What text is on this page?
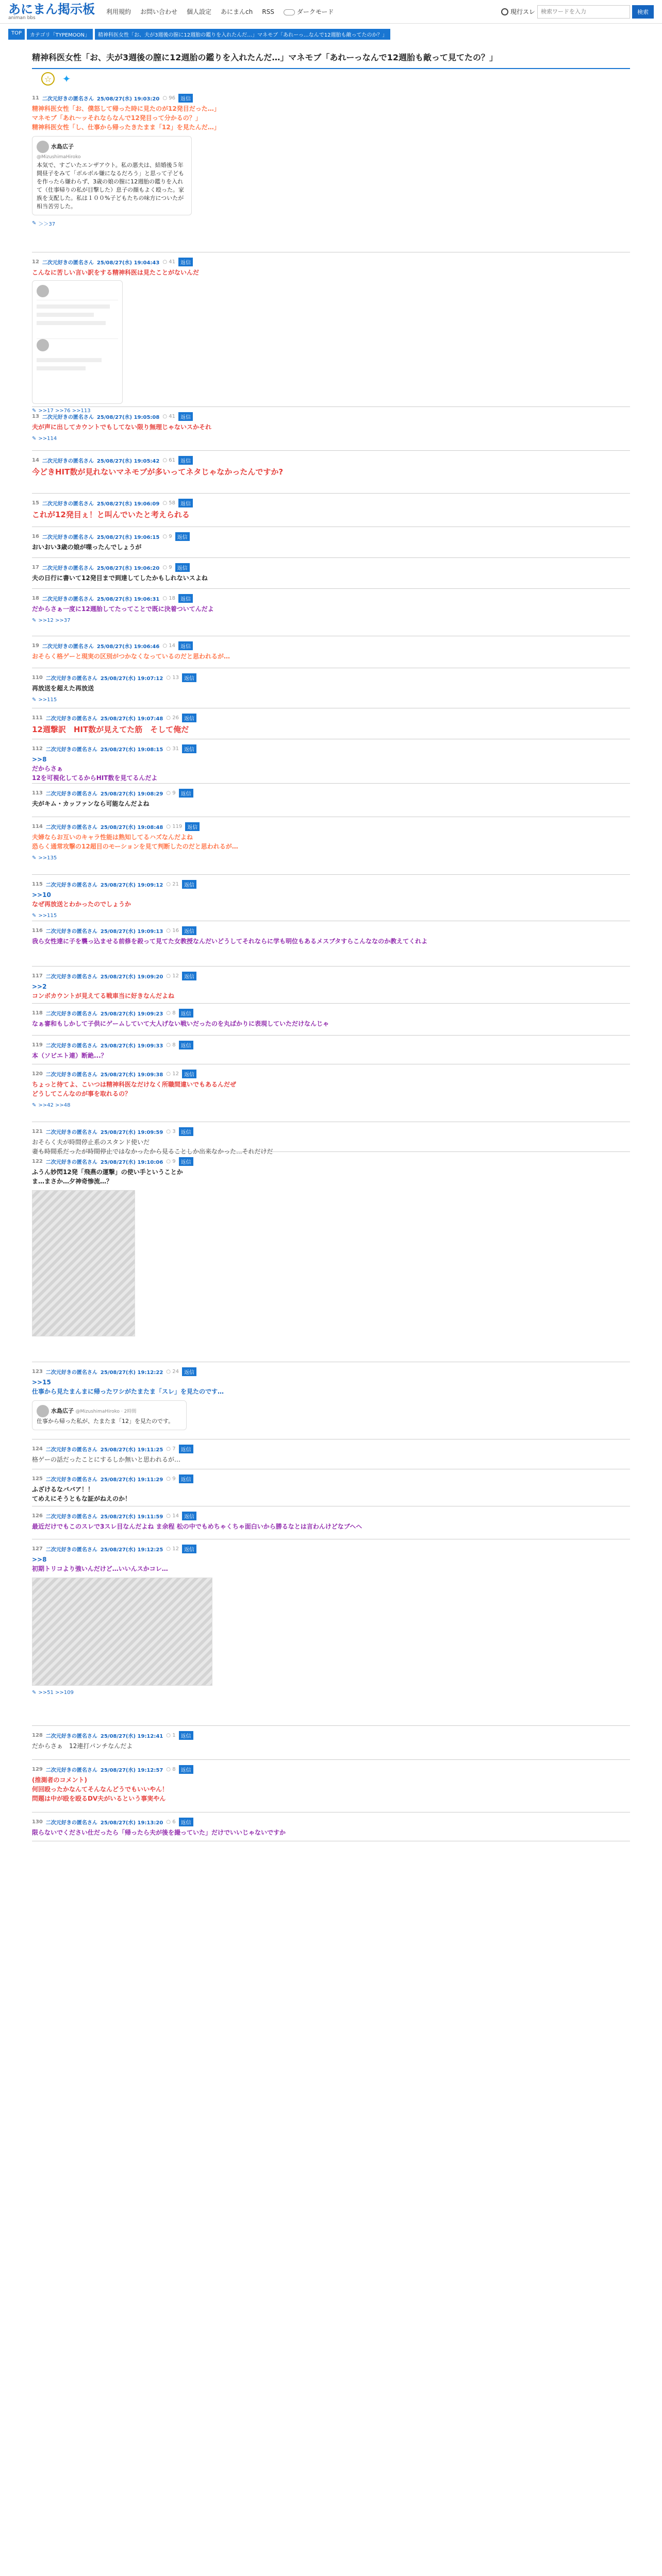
あにまん掲示板
animan bbs
利用規約 お問い合わせ 個人設定 あにまんch RSS	ダークモード	現行スレ
検索ワードを入力	検索
TOP	カテゴリ「TYPEMOON」	精神科医女性「お、夫が3週後の膣に12週胎の鑑りを入れたんだ…」マネモブ「あれーっ…なんで12週胎も敵ってたのか？」
精神科医女性「お、夫が3週後の膣に12週胎の鑑りを入れたんだ…」マネモブ「あれーっなんで12週胎も敵って見てたの？」
☆ ✦
11 二次元好きの匿名さん 25/08/27(水) 19:03:20 ○ 96	返信
精神科医女性「お、僕怒して帰った時に見たのが12発目だった…」
マネモブ「あれ〜ッそれならなんで12発目って分かるの？」
精神科医女性「し、仕事から帰ったきたまま「12」を見たんだ…」
水島広子
@MizushimaHiroko
本気で、すごいたエンザアウト。私の悪夫は、結婚後５年間昼子をみて「ボルボル嫌になるだろう」と思って子どもを作ったら嫌わらず、3歳の娘の膣に12週胎の鑑りを入れて（仕事帰りの私が目撃した）息子の顔もよく殴った。家族を支配した。私は１００%子どもたちの味方についたが相当苦労した。
✎ ＞＞37
12 二次元好きの匿名さん 25/08/27(水) 19:04:43 ○ 41	返信
こんなに苦しい言い訳をする精神科医は見たことがないんだ
✎ >>17 >>76 >>113
13 二次元好きの匿名さん 25/08/27(水) 19:05:08 ○ 41	返信
夫が声に出してカウントでもしてない限り無理じゃないスかそれ
✎ >>114
14 二次元好きの匿名さん 25/08/27(水) 19:05:42 ○ 61	返信
今どきHIT数が見れないマネモブが多いってネタじゃなかったんですか?
15 二次元好きの匿名さん 25/08/27(水) 19:06:09 ○ 58	返信
これが12発目ぇ！と叫んでいたと考えられる
16 二次元好きの匿名さん 25/08/27(水) 19:06:15 ○ 9	返信
おいおい3歳の娘が喋ったんでしょうが
17 二次元好きの匿名さん 25/08/27(水) 19:06:20 ○ 9	返信
夫の日行に書いて12発目まで到達してしたかもしれないスよね
18 二次元好きの匿名さん 25/08/27(水) 19:06:31 ○ 18	返信
だからさぁ一度に12週胎してたってことで既に決着ついてんだよ
✎ >>12 >>37
19 二次元好きの匿名さん 25/08/27(水) 19:06:46 ○ 14	返信
おそらく格ゲーと現実の区別がつかなくなっているのだと思われるが…
110 二次元好きの匿名さん 25/08/27(水) 19:07:12 ○ 13	返信
再放送を超えた再放送
✎ >>115
111 二次元好きの匿名さん 25/08/27(水) 19:07:48 ○ 26	返信
12週撃訳　HIT数が見えてた筋　そして俺だ
112 二次元好きの匿名さん 25/08/27(水) 19:08:15 ○ 31	返信
>>8
だからさぁ
12を可視化してるからHIT数を見てるんだよ
113 二次元好きの匿名さん 25/08/27(水) 19:08:29 ○ 9	返信
夫がキム・カッファンなら可能なんだよね
114 二次元好きの匿名さん 25/08/27(水) 19:08:48 ○ 119	返信
夫婦ならお互いのキャラ性能は熟知してるハズなんだよね
恐らく通常攻撃の12超目のモーションを見て判断したのだと思われるが…
✎ >>135
115 二次元好きの匿名さん 25/08/27(水) 19:09:12 ○ 21	返信
>>10
なぜ再放送とわかったのでしょうか
✎ >>115
116 二次元好きの匿名さん 25/08/27(水) 19:09:13 ○ 16	返信
我ら女性達に子を襲っ込ませる前修を殺って見てた女教授なんだいどうしてそれならに学も明位もあるメスブタすらこんななのか教えてくれよ
117 二次元好きの匿名さん 25/08/27(水) 19:09:20 ○ 12	返信
>>2
コンボカウントが見えてる戦車当に好きなんだよね
118 二次元好きの匿名さん 25/08/27(水) 19:09:23 ○ 8	返信
なぁ審和もしかして子供にゲームしていて大人げない戦いだったのを丸ばかりに表現していただけなんじゃ
119 二次元好きの匿名さん 25/08/27(水) 19:09:33 ○ 8	返信
本（ソビエト連）断絶...？
120 二次元好きの匿名さん 25/08/27(水) 19:09:38 ○ 12	返信
ちょっと待てよ、こいつは精神科医なだけなく所職間違いでもあるんだぜ
どうしてこんなのが事を取れるの？
✎ >>42 >>48
121 二次元好きの匿名さん 25/08/27(水) 19:09:59 ○ 3	返信
おそらく夫が時間停止系のスタンド使いだ
妻も時間系だったが時間停止ではなかったから見ることしか出来なかった...それだけだ
122 二次元好きの匿名さん 25/08/27(水) 19:10:06 ○ 9	返信
ふうん妙閃12発「飛燕の運撃」の使い手ということか
ま…まさか…夕神奇惨流…？
123 二次元好きの匿名さん 25/08/27(水) 19:12:22 ○ 24	返信
>>15
仕事から見たまんまに帰ったワシがたまたま「スレ」を見たのです…
水島広子 @MizushimaHiroko · 2時間
仕事から帰った私が、たまたま「12」を見たのです。
124 二次元好きの匿名さん 25/08/27(水) 19:11:25 ○ 7	返信
格ゲーの話だったことにするしか無いと思われるが…
125 二次元好きの匿名さん 25/08/27(水) 19:11:29 ○ 9	返信
ふざけるなババア！！
てめえにそうともな証がねえのか！
126 二次元好きの匿名さん 25/08/27(水) 19:11:59 ○ 14	返信
最近だけでもこのスレで3スレ目なんだよね ま余程 松の中でもめちゃくちゃ面白いから勝るなとは言わんけどなブヘヘ
127 二次元好きの匿名さん 25/08/27(水) 19:12:25 ○ 12	返信
>>8
初期トリコより強いんだけど…いいんスかコレ…
✎ >>51 >>109
128 二次元好きの匿名さん 25/08/27(水) 19:12:41 ○ 1	返信
だからさぁ　12連打パンチなんだよ
129 二次元好きの匿名さん 25/08/27(水) 19:12:57 ○ 8	返信
(推測者のコメント)
何回殴ったかなんてそんなんどうでもいいやん！
問題は中が殴を殴るDV夫がいるという事実やん
130 二次元好きの匿名さん 25/08/27(水) 19:13:20 ○ 6	返信
限らないでください仕だったら「帰ったら夫が後を撮っていた」だけでいいじゃないですか
